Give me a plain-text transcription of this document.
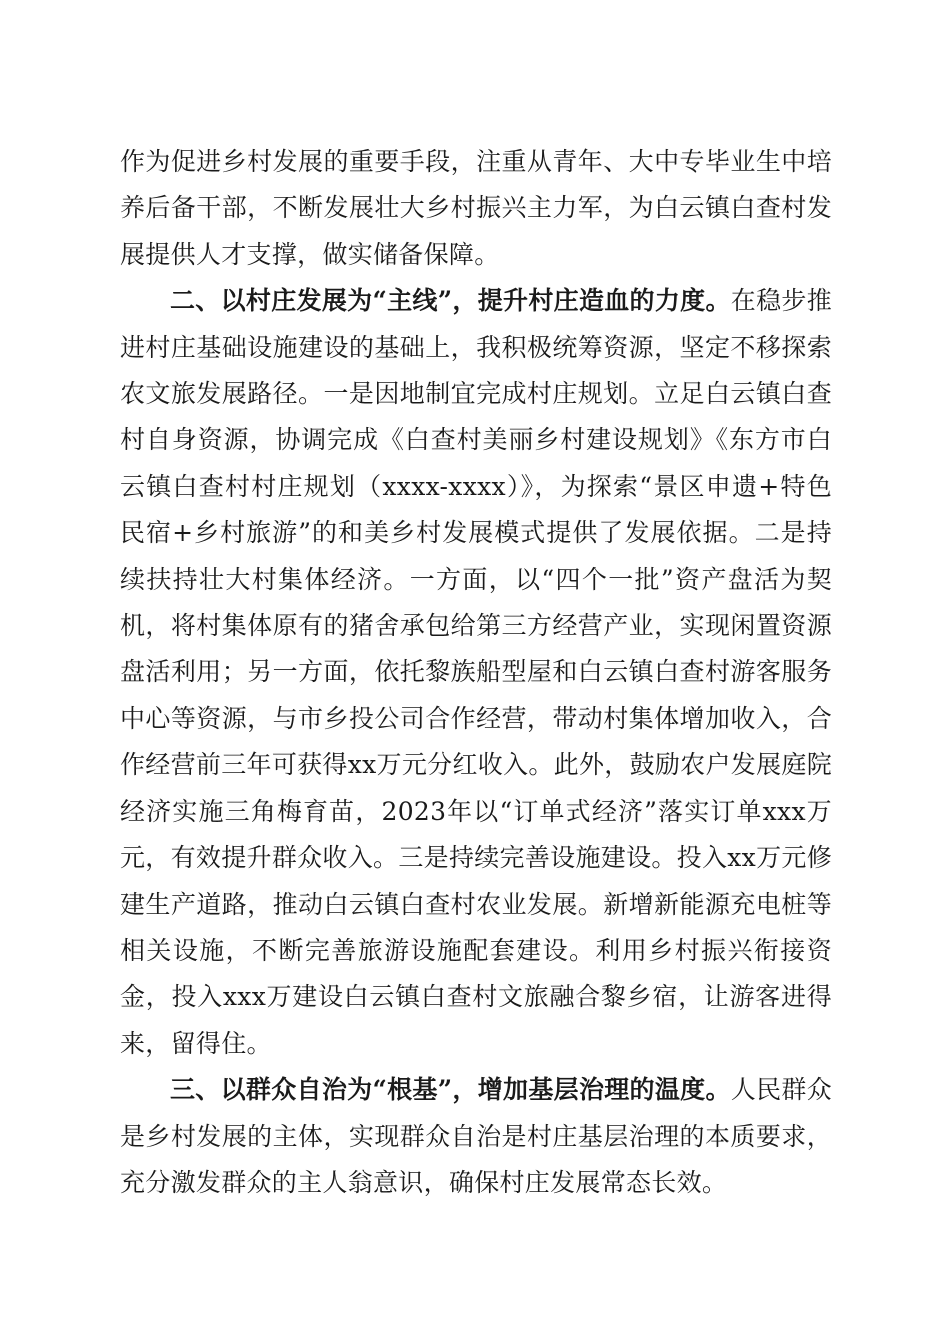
作为促进乡村发展的重要手段，注重从青年、大中专毕业生中培养后备干部，不断发展壮大乡村振兴主力军，为白云镇白查村发展提供人才支撑，做实储备保障。

二、以村庄发展为“主线”，提升村庄造血的力度。在稳步推进村庄基础设施建设的基础上，我积极统筹资源，坚定不移探索农文旅发展路径。一是因地制宜完成村庄规划。立足白云镇白查村自身资源，协调完成《白查村美丽乡村建设规划》《东方市白云镇白查村村庄规划（xxxx-xxxx）》，为探索“景区申遗+特色民宿+乡村旅游”的和美乡村发展模式提供了发展依据。二是持续扶持壮大村集体经济。一方面，以“四个一批”资产盘活为契机，将村集体原有的猪舍承包给第三方经营产业，实现闲置资源盘活利用；另一方面，依托黎族船型屋和白云镇白查村游客服务中心等资源，与市乡投公司合作经营，带动村集体增加收入，合作经营前三年可获得xx万元分红收入。此外，鼓励农户发展庭院经济实施三角梅育苗，2023年以“订单式经济”落实订单xxx万元，有效提升群众收入。三是持续完善设施建设。投入xx万元修建生产道路，推动白云镇白查村农业发展。新增新能源充电桩等相关设施，不断完善旅游设施配套建设。利用乡村振兴衔接资金，投入xxx万建设白云镇白查村文旅融合黎乡宿，让游客进得来，留得住。

三、以群众自治为“根基”，增加基层治理的温度。人民群众是乡村发展的主体，实现群众自治是村庄基层治理的本质要求，充分激发群众的主人翁意识，确保村庄发展常态长效。
